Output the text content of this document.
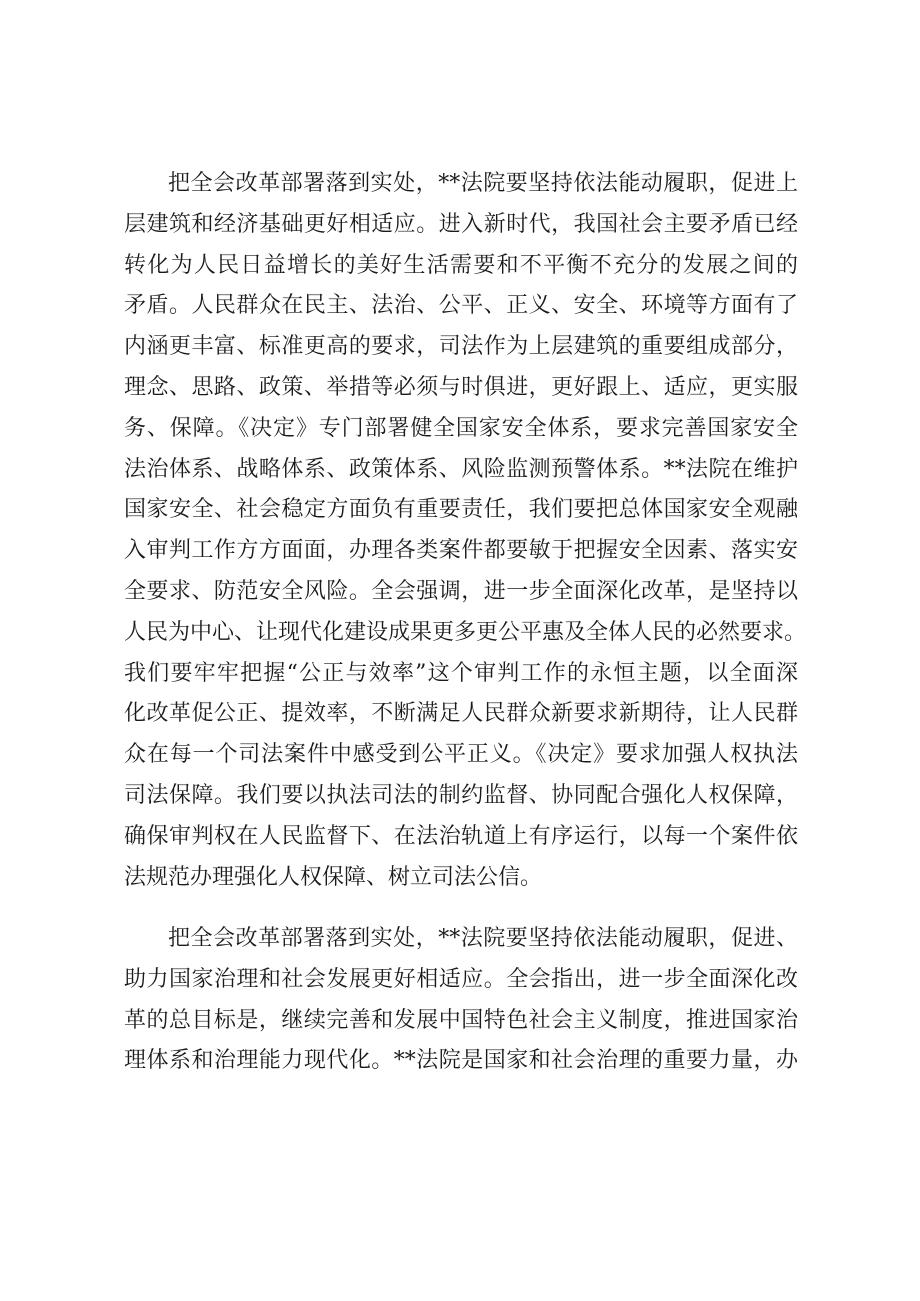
把全会改革部署落到实处，**法院要坚持依法能动履职，促进上
层建筑和经济基础更好相适应。进入新时代，我国社会主要矛盾已经
转化为人民日益增长的美好生活需要和不平衡不充分的发展之间的
矛盾。人民群众在民主、法治、公平、正义、安全、环境等方面有了
内涵更丰富、标准更高的要求，司法作为上层建筑的重要组成部分，
理念、思路、政策、举措等必须与时俱进，更好跟上、适应，更实服
务、保障。《决定》专门部署健全国家安全体系，要求完善国家安全
法治体系、战略体系、政策体系、风险监测预警体系。**法院在维护
国家安全、社会稳定方面负有重要责任，我们要把总体国家安全观融
入审判工作方方面面，办理各类案件都要敏于把握安全因素、落实安
全要求、防范安全风险。全会强调，进一步全面深化改革，是坚持以
人民为中心、让现代化建设成果更多更公平惠及全体人民的必然要求。
我们要牢牢把握“公正与效率”这个审判工作的永恒主题，以全面深
化改革促公正、提效率，不断满足人民群众新要求新期待，让人民群
众在每一个司法案件中感受到公平正义。《决定》要求加强人权执法
司法保障。我们要以执法司法的制约监督、协同配合强化人权保障，
确保审判权在人民监督下、在法治轨道上有序运行，以每一个案件依
法规范办理强化人权保障、树立司法公信。
把全会改革部署落到实处，**法院要坚持依法能动履职，促进、
助力国家治理和社会发展更好相适应。全会指出，进一步全面深化改
革的总目标是，继续完善和发展中国特色社会主义制度，推进国家治
理体系和治理能力现代化。**法院是国家和社会治理的重要力量，办
